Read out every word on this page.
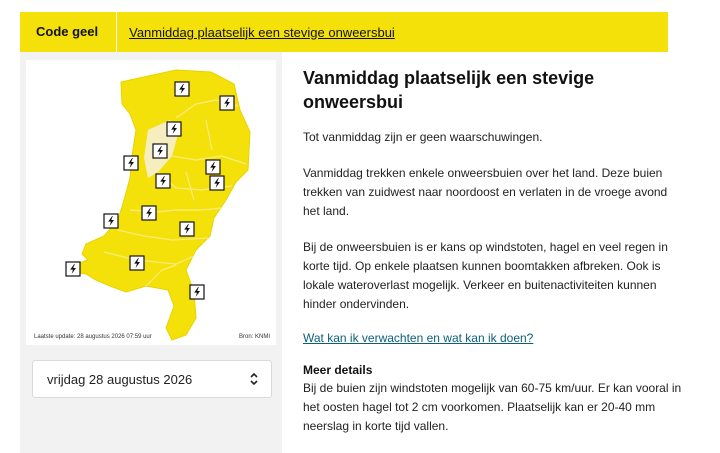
Code geel	Vanmiddag plaatselijk een stevige onweersbui
Laatste update: 28 augustus 2026 07:59 uur	Bron: KNMI
vrijdag 28 augustus 2026
Vanmiddag plaatselijk een stevige onweersbui

Tot vanmiddag zijn er geen waarschuwingen.

Vanmiddag trekken enkele onweersbuien over het land. Deze buien trekken van zuidwest naar noordoost en verlaten in de vroege avond het land.

Bij de onweersbuien is er kans op windstoten, hagel en veel regen in korte tijd. Op enkele plaatsen kunnen boomtakken afbreken. Ook is lokale wateroverlast mogelijk. Verkeer en buitenactiviteiten kunnen hinder ondervinden.

Wat kan ik verwachten en wat kan ik doen?
Meer details

Bij de buien zijn windstoten mogelijk van 60-75 km/uur. Er kan vooral in het oosten hagel tot 2 cm voorkomen. Plaatselijk kan er 20-40 mm neerslag in korte tijd vallen.
